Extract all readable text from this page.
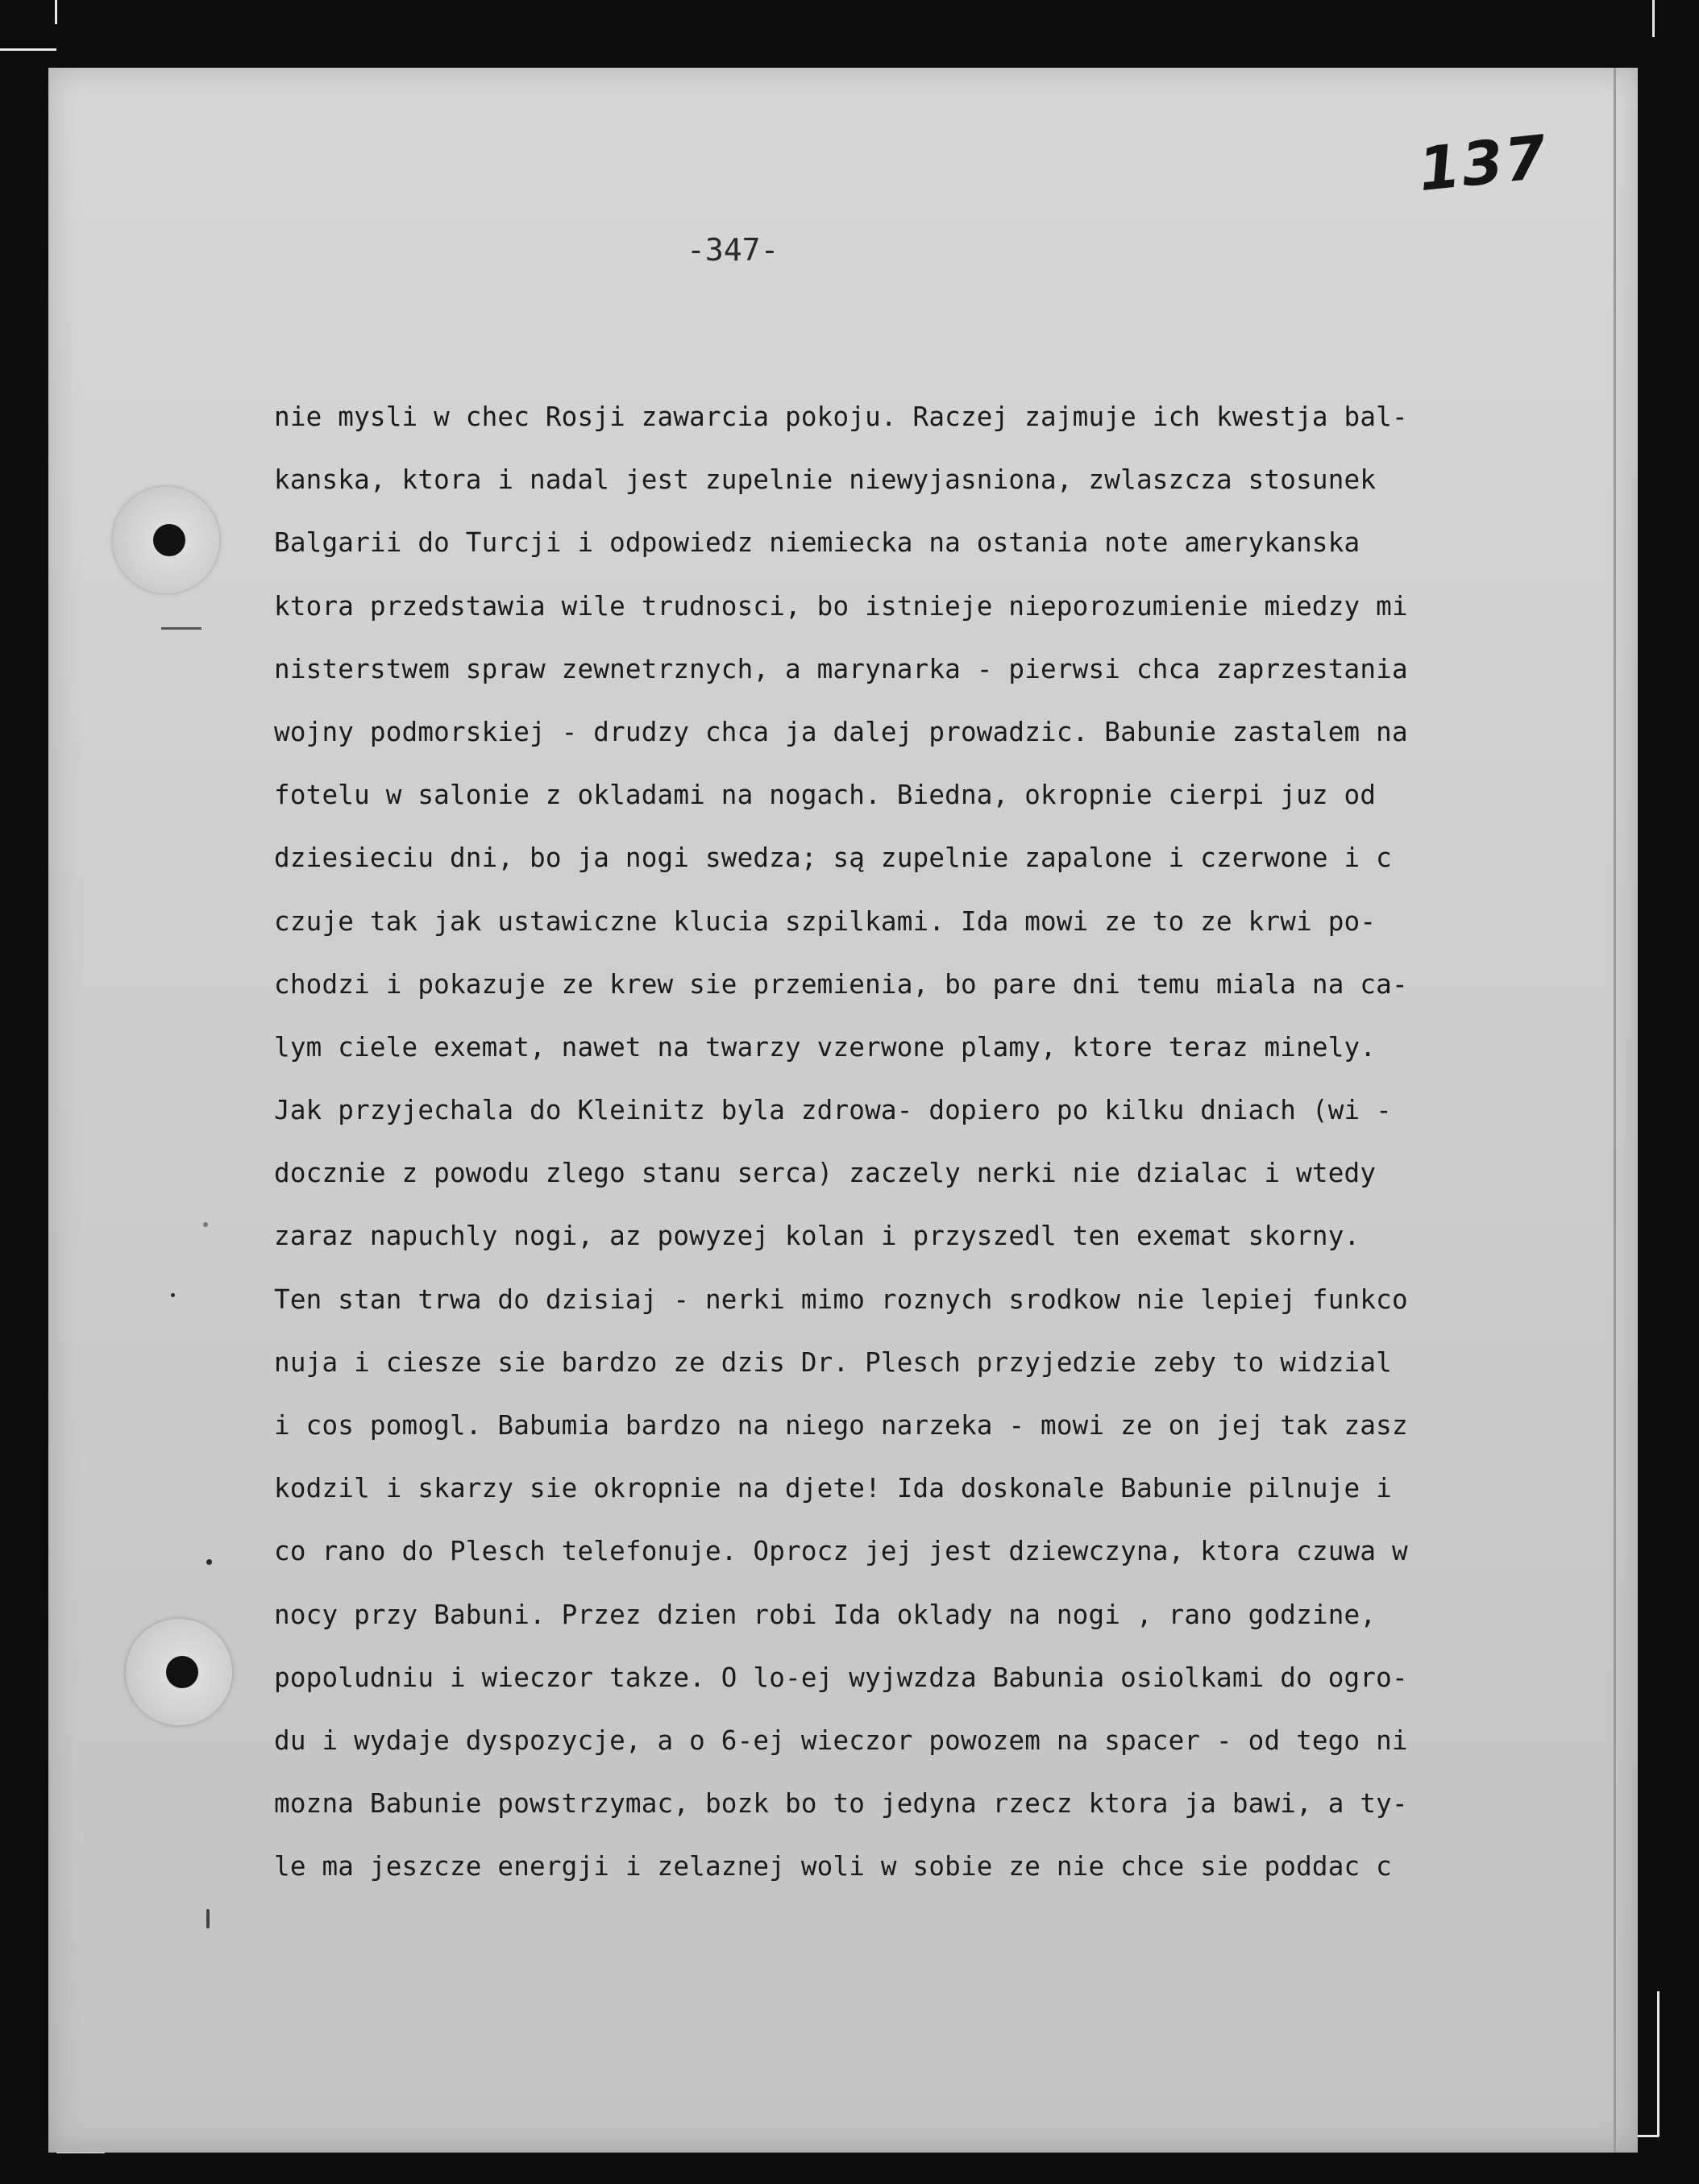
137
-347-
nie mysli w chec Rosji zawarcia pokoju. Raczej zajmuje ich kwestja bal-
kanska, ktora i nadal jest zupelnie niewyjasniona, zwlaszcza stosunek
Balgarii do Turcji i odpowiedz niemiecka na ostania note amerykanska
ktora przedstawia wile trudnosci, bo istnieje nieporozumienie miedzy mi
nisterstwem spraw zewnetrznych, a marynarka - pierwsi chca zaprzestania
wojny podmorskiej - drudzy chca ja dalej prowadzic. Babunie zastalem na
fotelu w salonie z okladami na nogach. Biedna, okropnie cierpi juz od
dziesieciu dni, bo ja nogi swedza; są zupelnie zapalone i czerwone i c
czuje tak jak ustawiczne klucia szpilkami. Ida mowi ze to ze krwi po-
chodzi i pokazuje ze krew sie przemienia, bo pare dni temu miala na ca-
lym ciele exemat, nawet na twarzy vzerwone plamy, ktore teraz minely.
Jak przyjechala do Kleinitz byla zdrowa- dopiero po kilku dniach (wi -
docznie z powodu zlego stanu serca) zaczely nerki nie dzialac i wtedy
zaraz napuchly nogi, az powyzej kolan i przyszedl ten exemat skorny.
Ten stan trwa do dzisiaj - nerki mimo roznych srodkow nie lepiej funkco
nuja i ciesze sie bardzo ze dzis Dr. Plesch przyjedzie zeby to widzial
i cos pomogl. Babumia bardzo na niego narzeka - mowi ze on jej tak zasz
kodzil i skarzy sie okropnie na djete! Ida doskonale Babunie pilnuje i
co rano do Plesch telefonuje. Oprocz jej jest dziewczyna, ktora czuwa w
nocy przy Babuni. Przez dzien robi Ida oklady na nogi , rano godzine,
popoludniu i wieczor takze. O lo-ej wyjwzdza Babunia osiolkami do ogro-
du i wydaje dyspozycje, a o 6-ej wieczor powozem na spacer - od tego ni
mozna Babunie powstrzymac, bozk bo to jedyna rzecz ktora ja bawi, a ty-
le ma jeszcze energji i zelaznej woli w sobie ze nie chce sie poddac c
